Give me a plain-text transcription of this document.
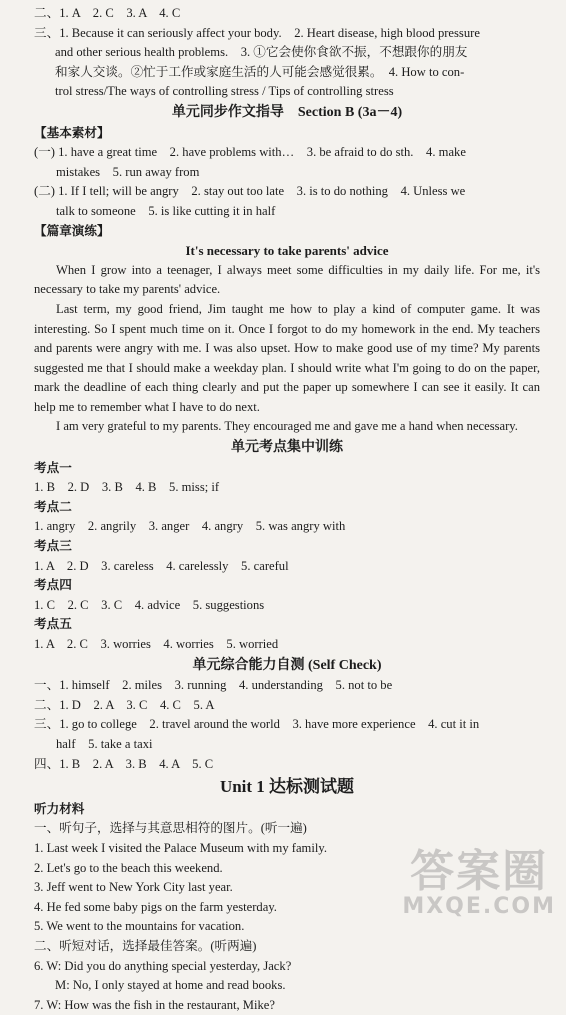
二、1. A　2. C　3. A　4. C
三、1. Because it can seriously affect your body.　2. Heart disease, high blood pressure
and other serious health problems.　3. ①它会使你食欲不振，不想跟你的朋友
和家人交谈。②忙于工作或家庭生活的人可能会感觉很累。　4. How to con-
trol stress/The ways of controlling stress / Tips of controlling stress
单元同步作文指导　Section B (3a－4)
【基本素材】
(一) 1. have a great time　2. have problems with…　3. be afraid to do sth.　4. make
mistakes　5. run away from
(二) 1. If I tell; will be angry　2. stay out too late　3. is to do nothing　4. Unless we
talk to someone　5. is like cutting it in half
【篇章演练】
It's necessary to take parents' advice

When I grow into a teenager, I always meet some difficulties in my daily life. For me, it's necessary to take my parents' advice.

Last term, my good friend, Jim taught me how to play a kind of computer game. It was interesting. So I spent much time on it. Once I forgot to do my homework in the end. My teachers and parents were angry with me. I was also upset. How to make good use of my time? My parents suggested me that I should make a weekday plan. I should write what I'm going to do on the paper, mark the deadline of each thing clearly and put the paper up somewhere I can see it easily. It can help me to remember what I have to do next.

I am very grateful to my parents. They encouraged me and gave me a hand when necessary.

单元考点集中训练
考点一
1. B　2. D　3. B　4. B　5. miss; if
考点二
1. angry　2. angrily　3. anger　4. angry　5. was angry with
考点三
1. A　2. D　3. careless　4. carelessly　5. careful
考点四
1. C　2. C　3. C　4. advice　5. suggestions
考点五
1. A　2. C　3. worries　4. worries　5. worried
单元综合能力自测 (Self Check)
一、1. himself　2. miles　3. running　4. understanding　5. not to be
二、1. D　2. A　3. C　4. C　5. A
三、1. go to college　2. travel around the world　3. have more experience　4. cut it in
half　5. take a taxi
四、1. B　2. A　3. B　4. A　5. C
Unit 1 达标测试题
听力材料
一、听句子，选择与其意思相符的图片。(听一遍)
1. Last week I visited the Palace Museum with my family.
2. Let's go to the beach this weekend.
3. Jeff went to New York City last year.
4. He fed some baby pigs on the farm yesterday.
5. We went to the mountains for vacation.
二、听短对话，选择最佳答案。(听两遍)
6. W: Did you do anything special yesterday, Jack?
M: No, I only stayed at home and read books.
7. W: How was the fish in the restaurant, Mike?
答案圈
MXQE.COM
